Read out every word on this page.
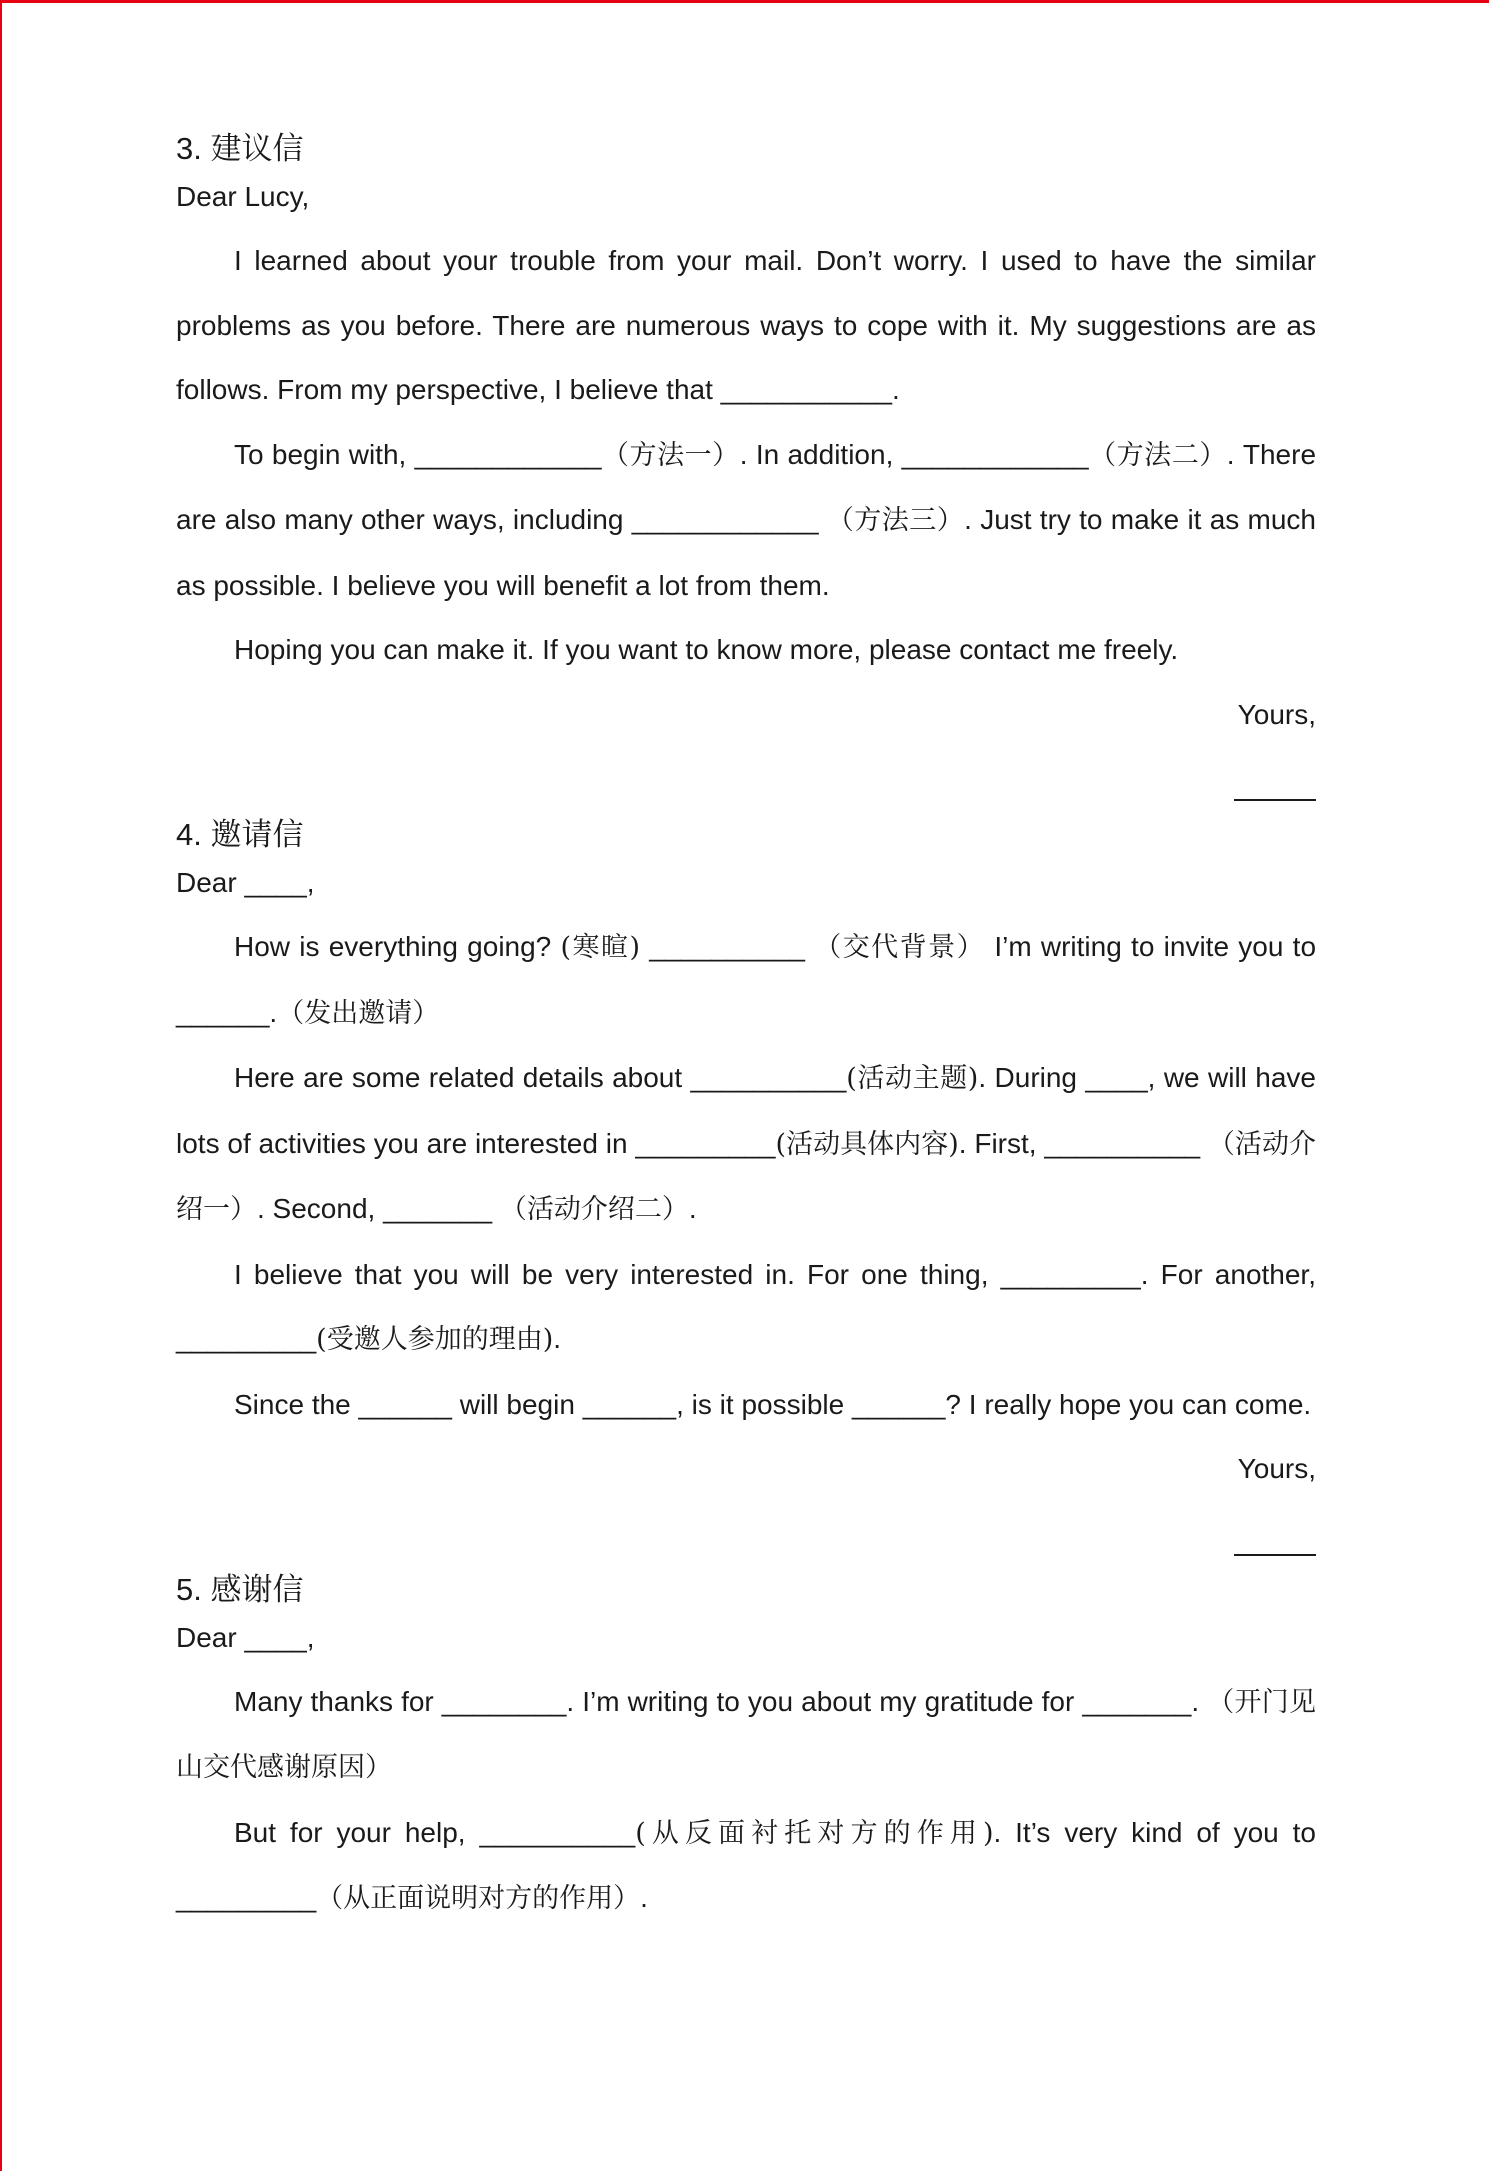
3. 建议信
Dear Lucy,

I learned about your trouble from your mail. Don’t worry. I used to have the similar problems as you before. There are numerous ways to cope with it. My suggestions are as follows. From my perspective, I believe that ___________.

To begin with, ____________（方法一）. In addition, ____________（方法二）. There are also many other ways, including ____________ （方法三）. Just try to make it as much as possible. I believe you will benefit a lot from them.

Hoping you can make it. If you want to know more, please contact me freely.

Yours,
4. 邀请信
Dear ____,

How is everything going? (寒暄) __________ （交代背景） I’m writing to invite you to ______.（发出邀请）

Here are some related details about __________(活动主题). During ____, we will have lots of activities you are interested in _________(活动具体内容). First, __________ （活动介绍一）. Second, _______ （活动介绍二）.

I believe that you will be very interested in. For one thing, _________. For another, _________(受邀人参加的理由).

Since the ______ will begin ______, is it possible ______? I really hope you can come.

Yours,
5. 感谢信
Dear ____,

Many thanks for ________. I’m writing to you about my gratitude for _______. （开门见山交代感谢原因）

But for your help, __________(从反面衬托对方的作用). It’s very kind of you to _________（从正面说明对方的作用）.
